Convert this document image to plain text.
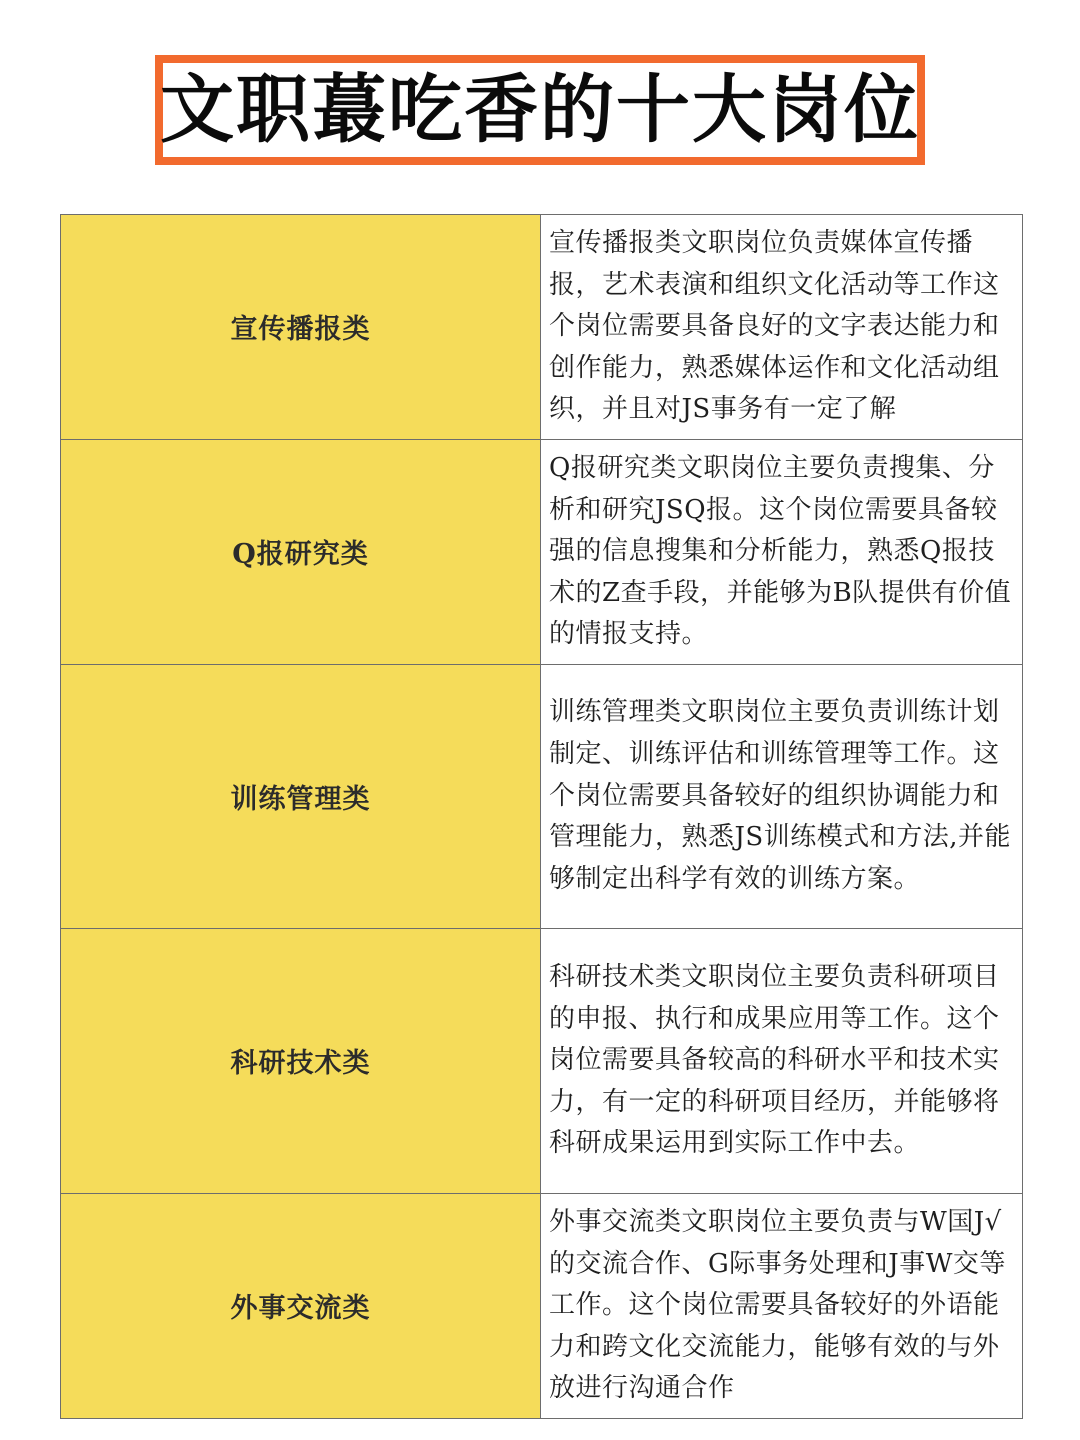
文职蕞吃香的十大岗位
宣传播报类	宣传播报类文职岗位负责媒体宣传播报，艺术表演和组织文化活动等工作这个岗位需要具备良好的文字表达能力和创作能力，熟悉媒体运作和文化活动组织，并且对JS事务有一定了解

Q报研究类	Q报研究类文职岗位主要负责搜集、分析和研究JSQ报。这个岗位需要具备较强的信息搜集和分析能力，熟悉Q报技术的Z查手段，并能够为B队提供有价值的情报支持。

训练管理类	训练管理类文职岗位主要负责训练计划制定、训练评估和训练管理等工作。这个岗位需要具备较好的组织协调能力和管理能力，熟悉JS训练模式和方法,并能够制定出科学有效的训练方案。

科研技术类	科研技术类文职岗位主要负责科研项目的申报、执行和成果应用等工作。这个岗位需要具备较高的科研水平和技术实力，有一定的科研项目经历，并能够将科研成果运用到实际工作中去。

外事交流类	外事交流类文职岗位主要负责与W国J√的交流合作、G际事务处理和J事W交等工作。这个岗位需要具备较好的外语能力和跨文化交流能力，能够有效的与外放进行沟通合作
